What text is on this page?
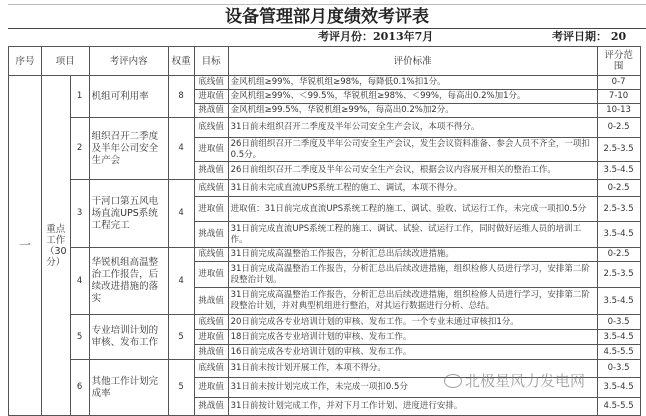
设备管理部月度绩效考评表
考评月份：2013年7月	考评日期： 20
序号	项目		考评内容	权重	目标	评价标准	评分范围
一	重点工作（30分）	1	机组可利用率	8	底线值	金风机组≥99%，华锐机组≥98%，每降低0.1%扣1分。	0-7
					进取值	金风机组≥99%、＜99.5%，华锐机组≥98%、＜99%，每高出0.2%加1分。	7-10
					挑战值	金风机组≥99.5%，华锐机组≥99%，每高出0.2%加2分。	10-13
		2	组织召开二季度及半年公司安全生产会	4	底线值	31日前未组织召开二季度及半年公司安全生产会议，本项不得分。	0-2.5
					进取值	26日前组织召开二季度及半年公司安全生产会议，发生会议资料准备、参会人员不齐全，一项扣0.5分。	2.5-3.5
					挑战值	26日前组织召开二季度及半年公司安全生产会议，根据会议内容展开相关的整治工作。	3.5-4.5
		3	干河口第五风电场直流UPS系统工程完工	4	底线值	31日前未完成直流UPS系统工程的施工、调试，本项不得分。	0-2.5
					进取值	进取值：31日前完成直流UPS系统工程的施工、调试、验收、试运行工作，未完成一项扣0.5分	2.5-3.5
					挑战值	31日前完成直流UPS系统工程的施工、调试、试验、试运行工作，同时做好运维人员的培训工作。	3.5-4.5
		4	华锐机组高温整治工作报告，后续改进措施的落实	4	底线值	31日前完成高温整治工作报告，分析汇总出后续改进措施。	0-2.5
					进取值	31日前完成高温整治工作报告，分析汇总出后续改进措施，组织检修人员进行学习，安排第二阶段整治计划。	2.5-3.5
					挑战值	31日前完成高温整治工作报告，分析汇总出后续改进措施，组织检修人员进行学习，安排第二阶段整治计划，并对典型机组进行整治，对其运行数据进行分析、总结。	3.5-4.5
		5	专业培训计划的审核、发布工作	5	底线值	20日前完成各专业培训计划的审核、发布工作。一个专业未通过审核扣1分。	0-3.5
					进取值	18日前完成各专业培训计划的审核、发布工作。	3.5-4.5
					挑战值	16日前完成各专业培训计划的审核、发布工作。	4.5-5.5
		6	其他工作计划完成率	5	底线值	31日前未按计划开展工作，本项不得分。	0-3.5
					进取值	31日前未按计划完成工作，未完成一项扣0.5分	3.5-4.5
					挑战值	31日前按计划完成工作，并对下月工作计划、进度进行安排。	4.5-5.5
北极星风力发电网
